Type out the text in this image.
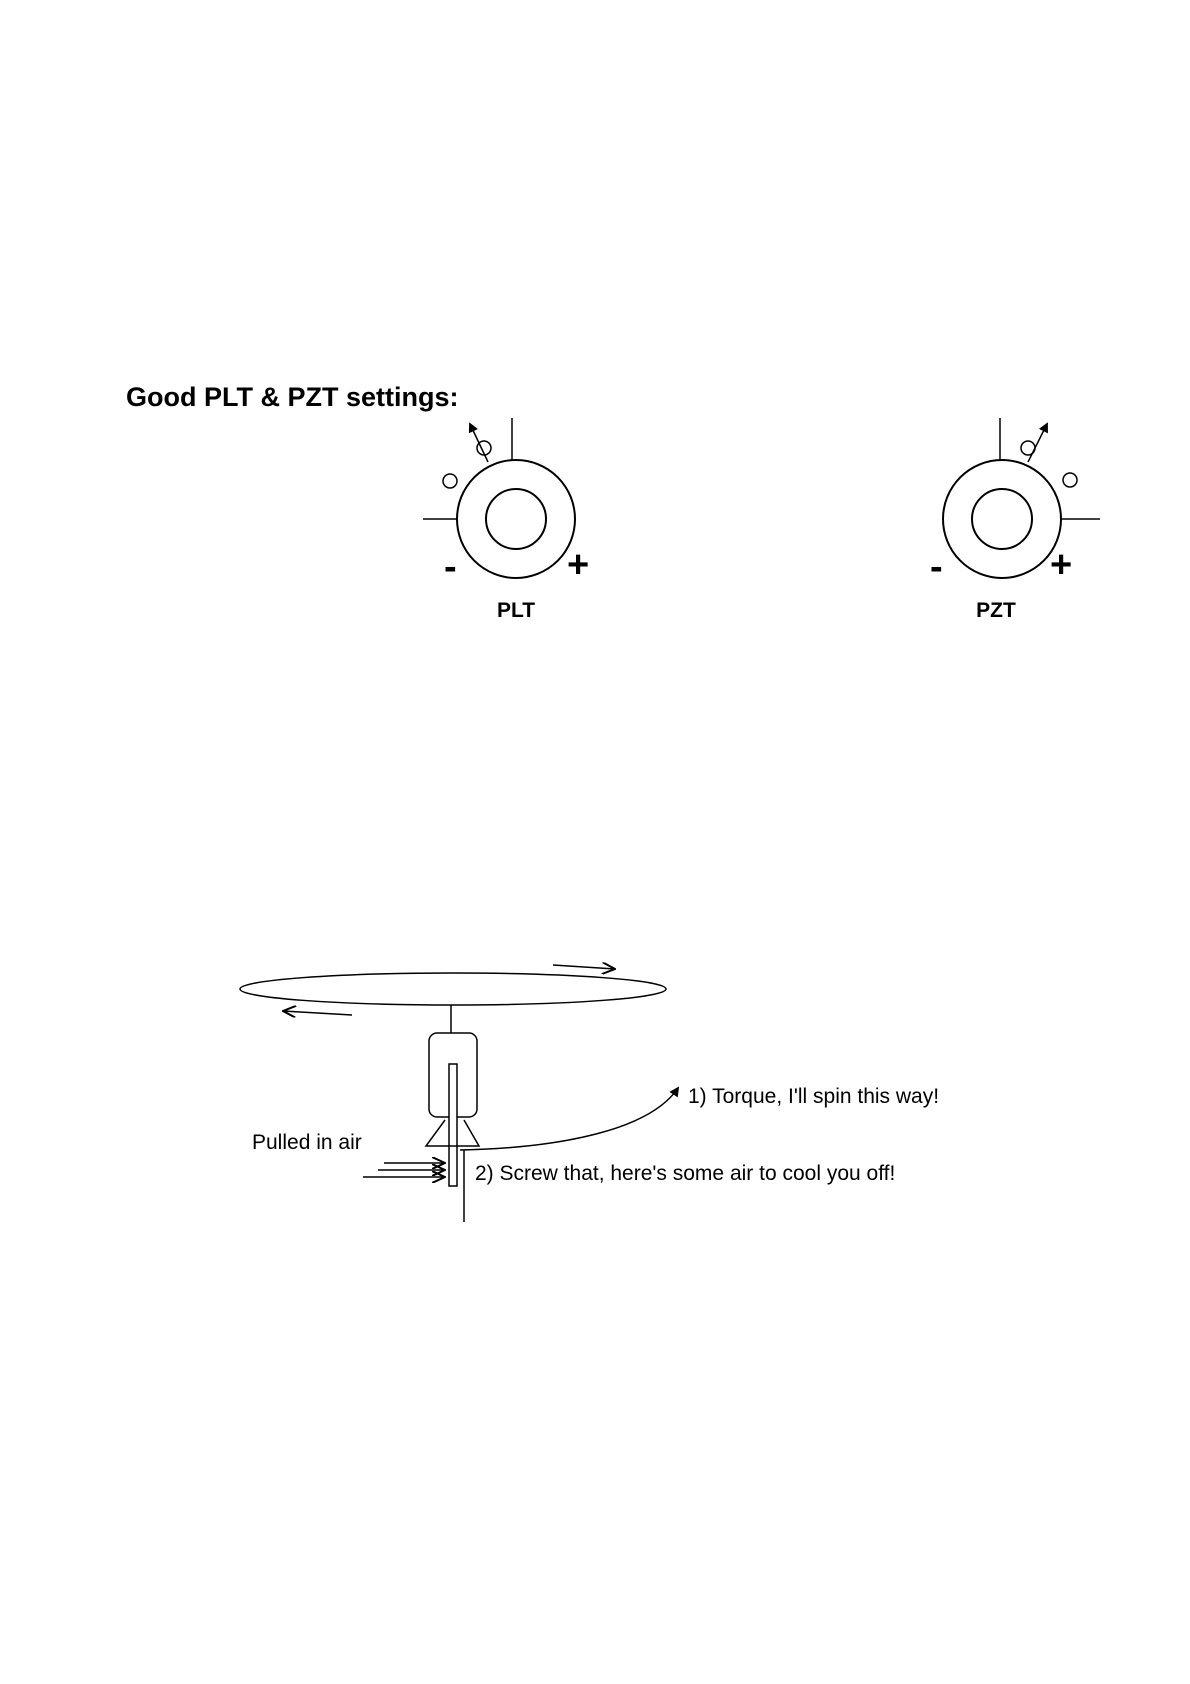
Good PLT & PZT settings:
-	+
PLT
-	+
PZT
Pulled in air
1) Torque, I'll spin this way!
2) Screw that, here's some air to cool you off!
